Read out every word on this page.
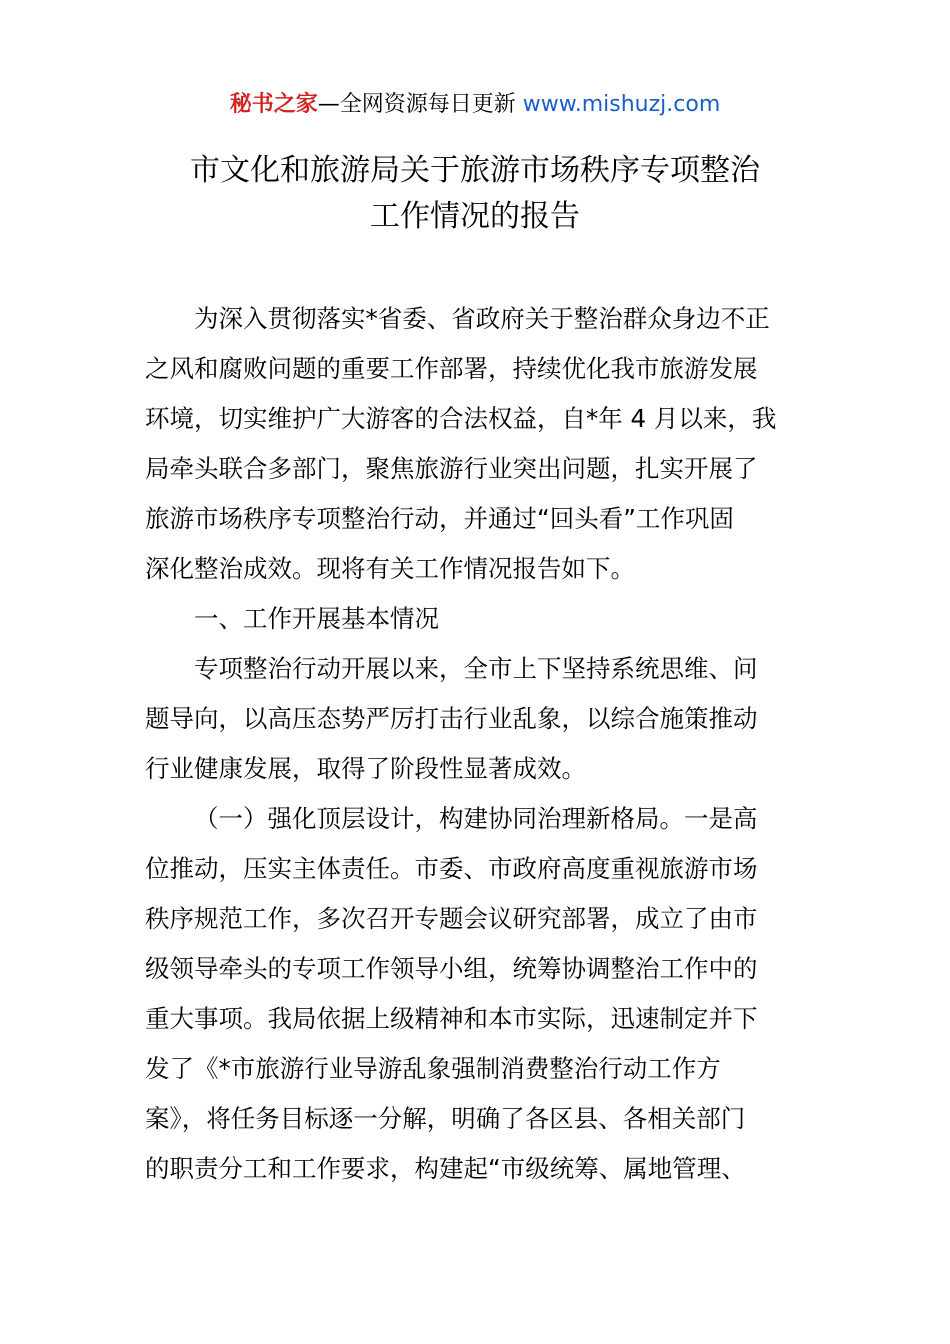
秘书之家—全网资源每日更新 www.mishuzj.com
市文化和旅游局关于旅游市场秩序专项整治
工作情况的报告
为深入贯彻落实*省委、省政府关于整治群众身边不正
之风和腐败问题的重要工作部署，持续优化我市旅游发展
环境，切实维护广大游客的合法权益，自*年 4 月以来，我
局牵头联合多部门，聚焦旅游行业突出问题，扎实开展了
旅游市场秩序专项整治行动，并通过“回头看”工作巩固
深化整治成效。现将有关工作情况报告如下。
一、工作开展基本情况
专项整治行动开展以来，全市上下坚持系统思维、问
题导向，以高压态势严厉打击行业乱象，以综合施策推动
行业健康发展，取得了阶段性显著成效。
（一）强化顶层设计，构建协同治理新格局。一是高
位推动，压实主体责任。市委、市政府高度重视旅游市场
秩序规范工作，多次召开专题会议研究部署，成立了由市
级领导牵头的专项工作领导小组，统筹协调整治工作中的
重大事项。我局依据上级精神和本市实际，迅速制定并下
发了《*市旅游行业导游乱象强制消费整治行动工作方
案》，将任务目标逐一分解，明确了各区县、各相关部门
的职责分工和工作要求，构建起“市级统筹、属地管理、
